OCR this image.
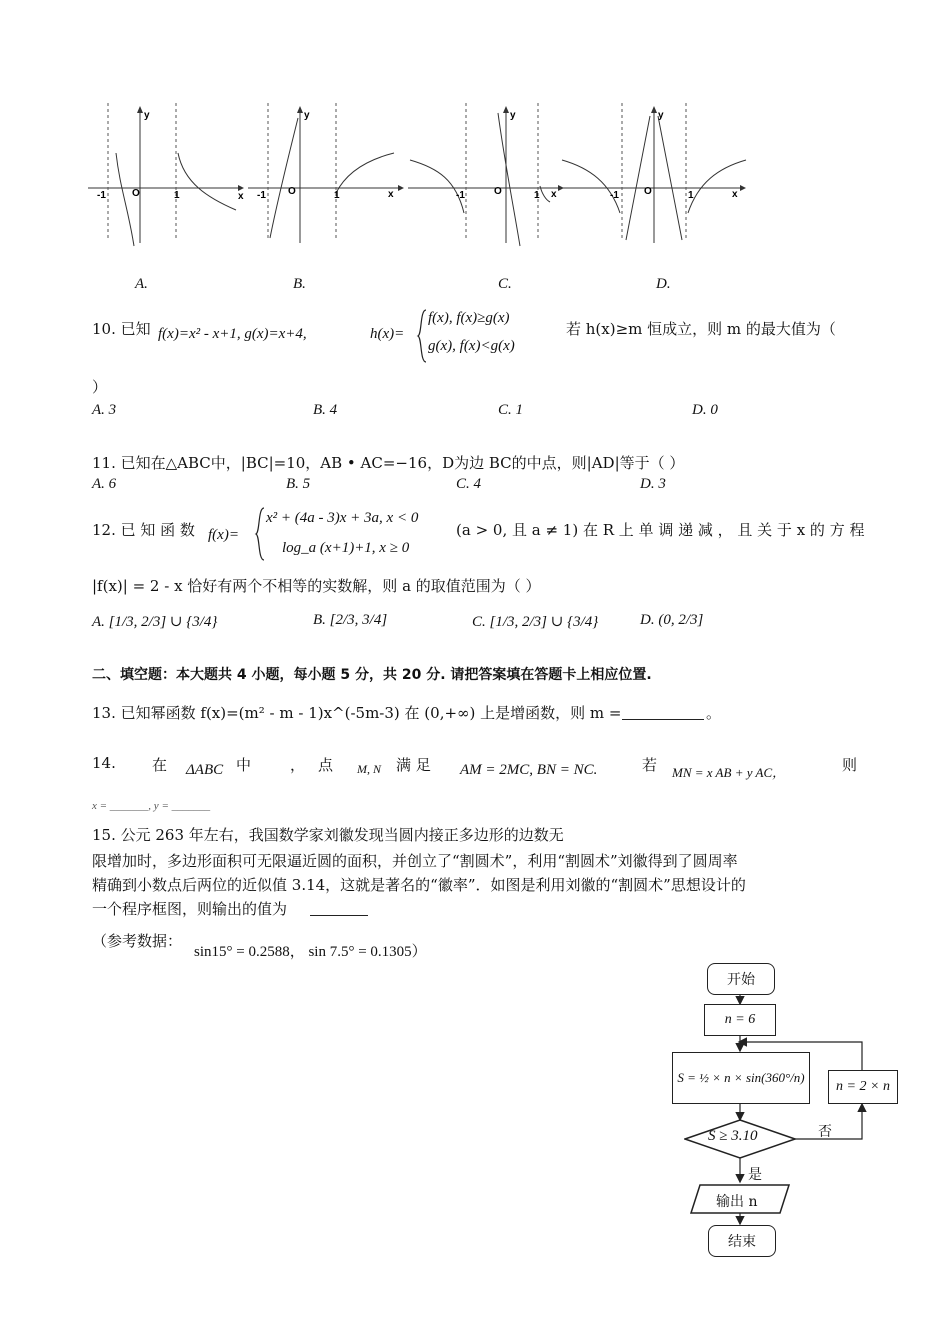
y
x
-1	1
O
y
x
-1	1
O
y
x
-1	1
O
y
x
-1	1
O
A.	B.	C.	D.
10. 已知 f(x)=x² - x+1, g(x)=x+4,	h(x)=
f(x), f(x)≥g(x)
g(x), f(x)<g(x)
若 h(x)≥m 恒成立，则 m 的最大值为（
）
A. 3	B. 4	C. 1	D. 0
11. 已知在△ABC中，|BC|=10，AB • AC=−16，D为边 BC的中点，则|AD|等于（ ）
A. 6	B. 5	C. 4	D. 3
12. 已 知 函 数 f(x)=
x² + (4a - 3)x + 3a, x < 0
log_a (x+1)+1, x ≥ 0
(a > 0, 且 a ≠ 1) 在 R 上 单 调 递 减 ， 且 关 于 x 的 方 程
|f(x)| = 2 - x 恰好有两个不相等的实数解，则 a 的取值范围为（ ）
A. [1/3, 2/3] ∪ {3/4}	B. [2/3, 3/4]	C. [1/3, 2/3] ∪ {3/4}	D. (0, 2/3]
二、填空题：本大题共 4 小题，每小题 5 分，共 20 分. 请把答案填在答题卡上相应位置.
13. 已知幂函数 f(x)=(m² - m - 1)x^(-5m-3) 在 (0,+∞) 上是增函数，则 m =	。
14. 在 ΔABC 中	， 点 M, N 满 足 AM = 2MC, BN = NC.	若 MN = x AB + y AC，	则
x = _______, y = _______
15. 公元 263 年左右，我国数学家刘徽发现当圆内接正多边形的边数无
限增加时，多边形面积可无限逼近圆的面积，并创立了“割圆术”，利用“割圆术”刘徽得到了圆周率
精确到小数点后两位的近似值 3.14，这就是著名的“徽率”．如图是利用刘徽的“割圆术”思想设计的
一个程序框图，则输出的值为
（参考数据：
sin15° = 0.2588， sin 7.5° = 0.1305）
开始
n = 6
S = ½ × n × sin(360°/n)
n = 2 × n
S ≥ 3.10	否
是
输出 n
结束
